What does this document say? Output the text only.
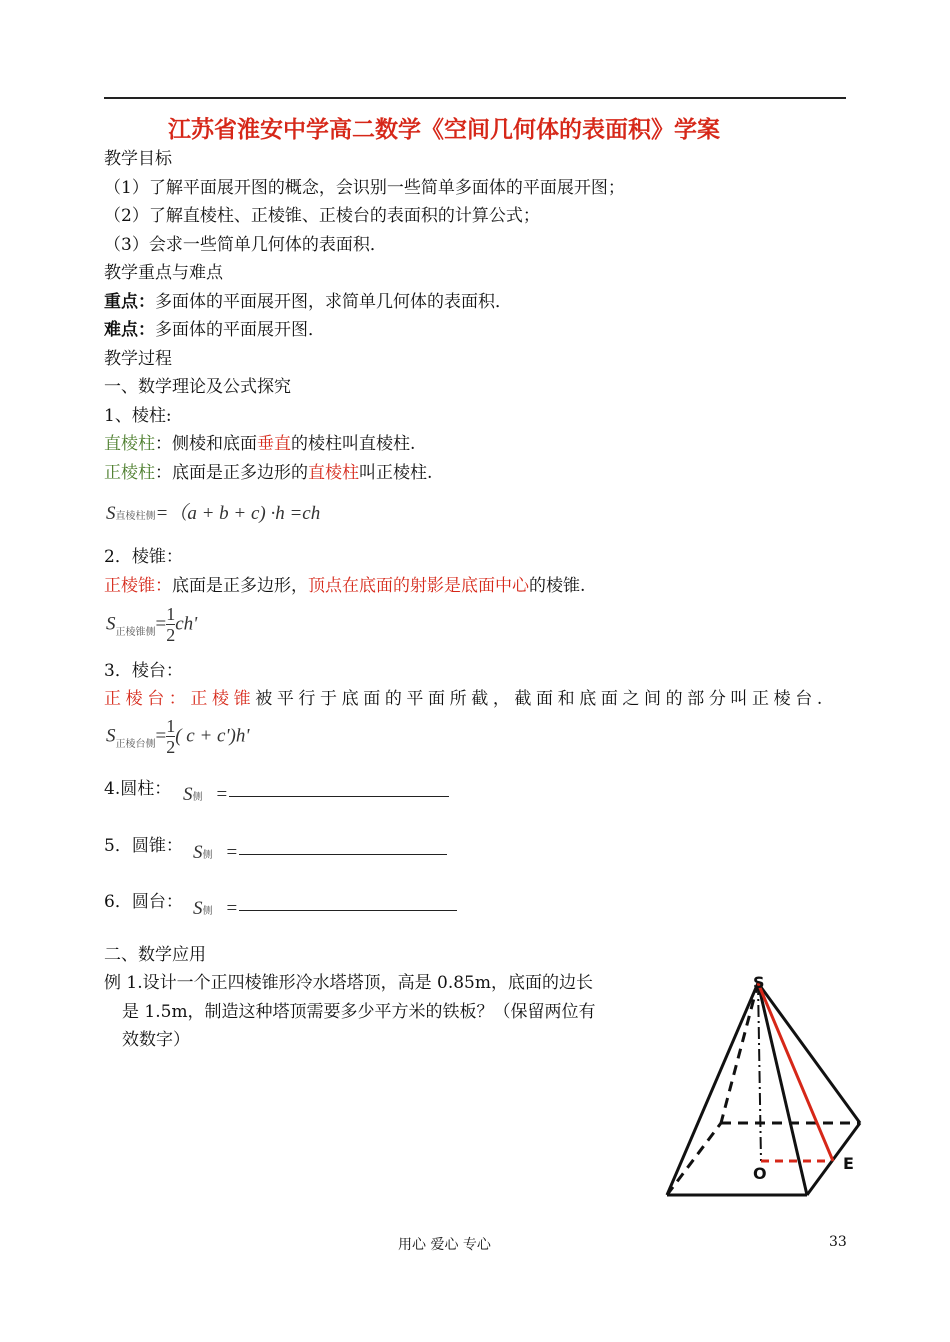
江苏省淮安中学高二数学《空间几何体的表面积》学案
教学目标
（1）了解平面展开图的概念，会识别一些简单多面体的平面展开图；
（2）了解直棱柱、正棱锥、正棱台的表面积的计算公式；
（3）会求一些简单几何体的表面积．
教学重点与难点
重点：多面体的平面展开图，求简单几何体的表面积．
难点：多面体的平面展开图．
教学过程
一、数学理论及公式探究
1、棱柱:
直棱柱：侧棱和底面垂直的棱柱叫直棱柱.
正棱柱：底面是正多边形的直棱柱叫正棱柱.
S直棱柱侧=（a + b + c) ·h =ch
2．棱锥：
正棱锥：底面是正多边形，顶点在底面的射影是底面中心的棱锥.
$S_{正棱锥侧}= \frac{1}{2} ch'$
3．棱台：
正棱台：正棱锥被平行于底面的平面所截，截面和底面之间的部分叫正棱台.
$S_{正棱台侧}= \frac{1}{2}$ ( c + c')h'
4.圆柱： S侧 =
5．圆锥： S侧 =
6．圆台： S侧 =
二、数学应用
例 1.设计一个正四棱锥形冷水塔塔顶，高是 0.85m，底面的边长
是 1.5m，制造这种塔顶需要多少平方米的铁板？（保留两位有
效数字）
S
O
E
用心 爱心 专心	33
